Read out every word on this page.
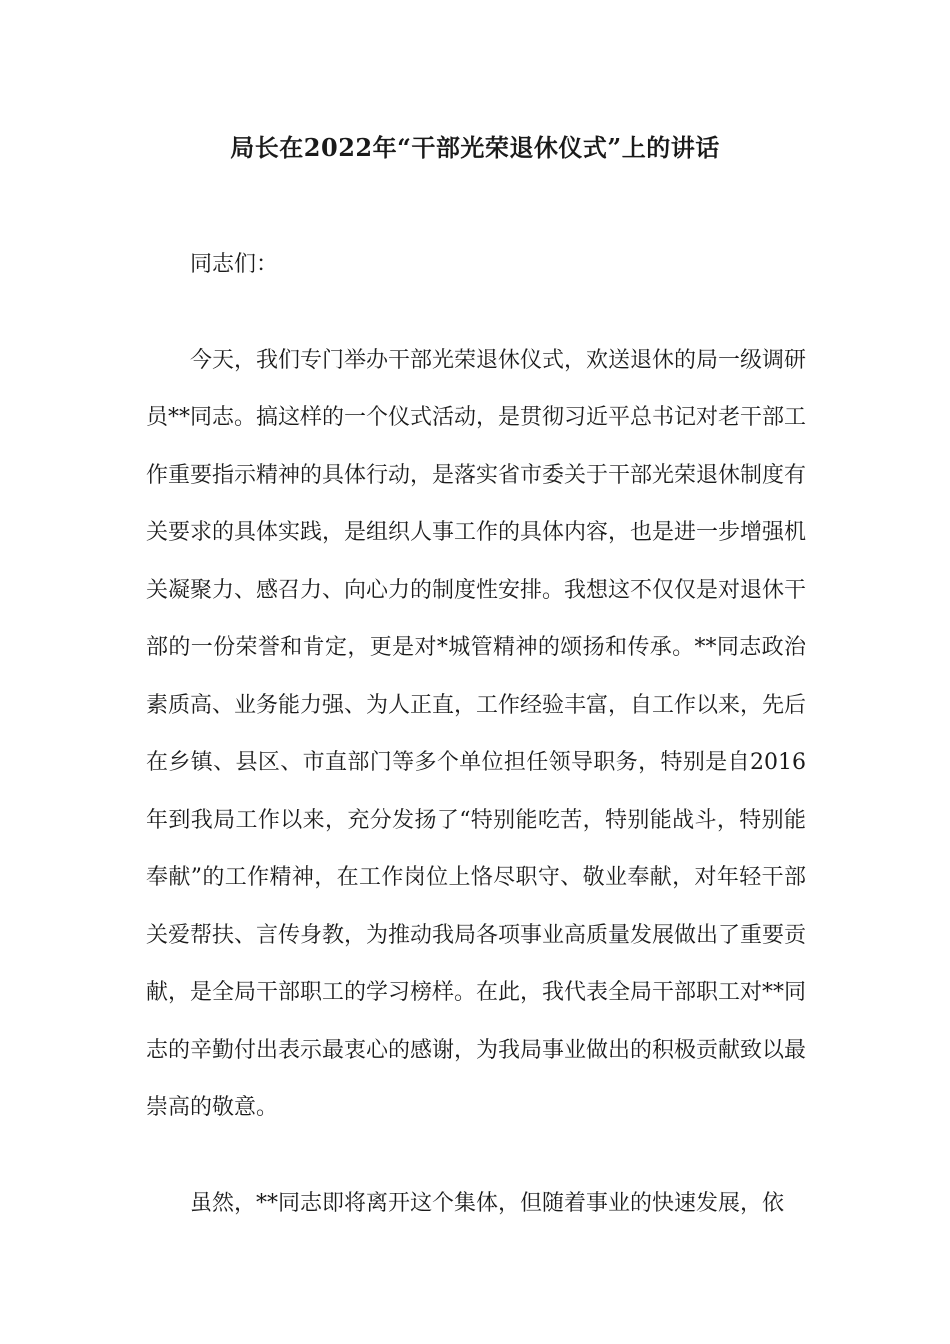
局长在2022年“干部光荣退休仪式”上的讲话

同志们：

今天，我们专门举办干部光荣退休仪式，欢送退休的局一级调研员**同志。搞这样的一个仪式活动，是贯彻习近平总书记对老干部工作重要指示精神的具体行动，是落实省市委关于干部光荣退休制度有关要求的具体实践，是组织人事工作的具体内容，也是进一步增强机关凝聚力、感召力、向心力的制度性安排。我想这不仅仅是对退休干部的一份荣誉和肯定，更是对*城管精神的颂扬和传承。**同志政治素质高、业务能力强、为人正直，工作经验丰富，自工作以来，先后在乡镇、县区、市直部门等多个单位担任领导职务，特别是自2016年到我局工作以来，充分发扬了“特别能吃苦，特别能战斗，特别能奉献”的工作精神，在工作岗位上恪尽职守、敬业奉献，对年轻干部关爱帮扶、言传身教，为推动我局各项事业高质量发展做出了重要贡献，是全局干部职工的学习榜样。在此，我代表全局干部职工对**同志的辛勤付出表示最衷心的感谢，为我局事业做出的积极贡献致以最崇高的敬意。

虽然，**同志即将离开这个集体，但随着事业的快速发展，依
